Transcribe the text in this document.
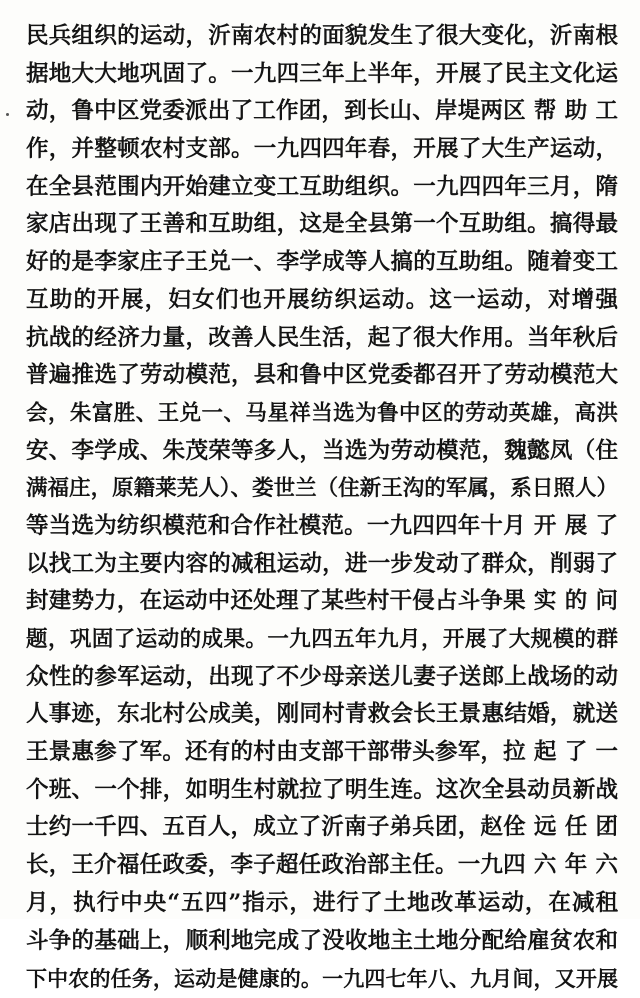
民兵组织的运动，沂南农村的面貌发生了很大变化，沂南根
据地大大地巩固了。一九四三年上半年，开展了民主文化运
动，鲁中区党委派出了工作团，到长山、岸堤两区 帮 助 工
作，并整顿农村支部。一九四四年春，开展了大生产运动，
在全县范围内开始建立变工互助组织。一九四四年三月，隋
家店出现了王善和互助组，这是全县第一个互助组。搞得最
好的是李家庄子王兑一、李学成等人搞的互助组。随着变工
互助的开展，妇女们也开展纺织运动。这一运动，对增强
抗战的经济力量，改善人民生活，起了很大作用。当年秋后
普遍推选了劳动模范，县和鲁中区党委都召开了劳动模范大
会，朱富胜、王兑一、马星祥当选为鲁中区的劳动英雄，高洪
安、李学成、朱茂荣等多人，当选为劳动模范，魏懿凤（住
满福庄，原籍莱芜人）、娄世兰（住新王沟的军属，系日照人）
等当选为纺织模范和合作社模范。一九四四年十月 开 展 了
以找工为主要内容的减租运动，进一步发动了群众，削弱了
封建势力，在运动中还处理了某些村干侵占斗争果 实 的 问
题，巩固了运动的成果。一九四五年九月，开展了大规模的群
众性的参军运动，出现了不少母亲送儿妻子送郎上战场的动
人事迹，东北村公成美，刚同村青救会长王景惠结婚，就送
王景惠参了军。还有的村由支部干部带头参军，拉 起 了 一
个班、一个排，如明生村就拉了明生连。这次全县动员新战
士约一千四、五百人，成立了沂南子弟兵团，赵佺 远 任 团
长，王介福任政委，李子超任政治部主任。一九四 六 年 六
月，执行中央“五四”指示，进行了土地改革运动，在减租
斗争的基础上，顺利地完成了没收地主土地分配给雇贫农和
下中农的任务，运动是健康的。一九四七年八、九月间，又开展
